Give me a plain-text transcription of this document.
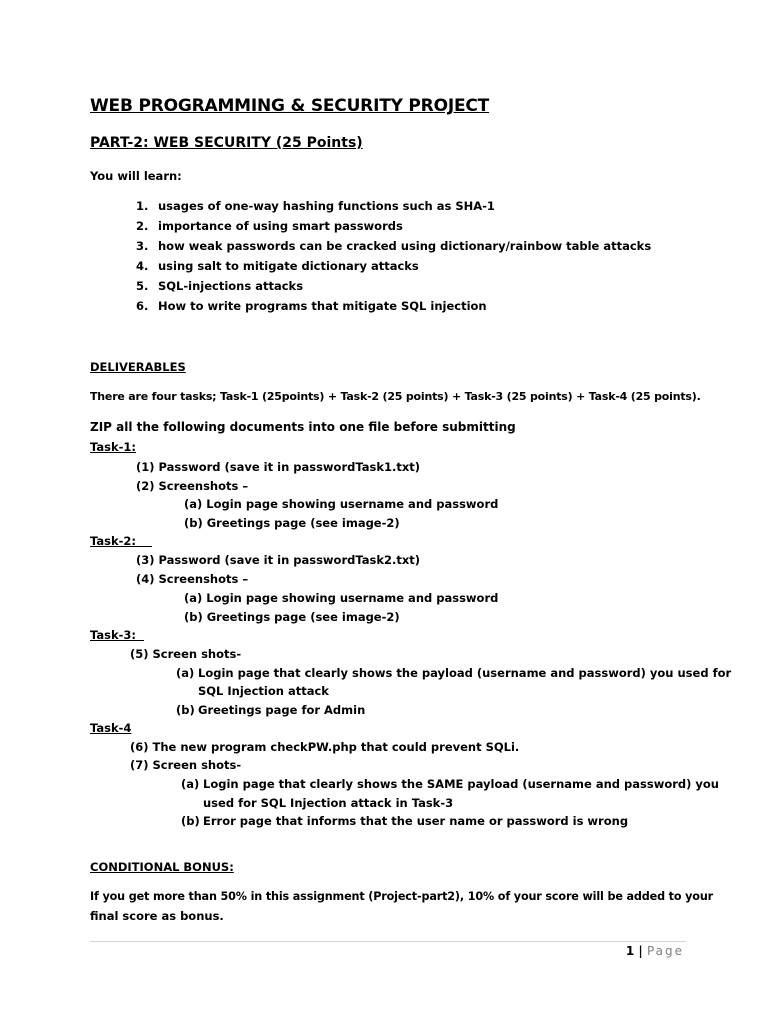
WEB PROGRAMMING & SECURITY PROJECT
PART-2: WEB SECURITY (25 Points)
You will learn:
1. usages of one-way hashing functions such as SHA-1
2. importance of using smart passwords
3. how weak passwords can be cracked using dictionary/rainbow table attacks
4. using salt to mitigate dictionary attacks
5. SQL-injections attacks
6. How to write programs that mitigate SQL injection
DELIVERABLES
There are four tasks; Task-1 (25points) + Task-2 (25 points) + Task-3 (25 points) + Task-4 (25 points).
ZIP all the following documents into one file before submitting
Task-1:
(1) Password (save it in passwordTask1.txt)
(2) Screenshots –
(a) Login page showing username and password
(b) Greetings page (see image-2)
Task-2:
(3) Password (save it in passwordTask2.txt)
(4) Screenshots –
(a) Login page showing username and password
(b) Greetings page (see image-2)
Task-3:
(5) Screen shots-
(a) Login page that clearly shows the payload (username and password) you used for
SQL Injection attack
(b) Greetings page for Admin
Task-4
(6) The new program checkPW.php that could prevent SQLi.
(7) Screen shots-
(a) Login page that clearly shows the SAME payload (username and password) you
used for SQL Injection attack in Task-3
(b) Error page that informs that the user name or password is wrong
CONDITIONAL BONUS:
If you get more than 50% in this assignment (Project-part2), 10% of your score will be added to your
final score as bonus.
1 | Page
